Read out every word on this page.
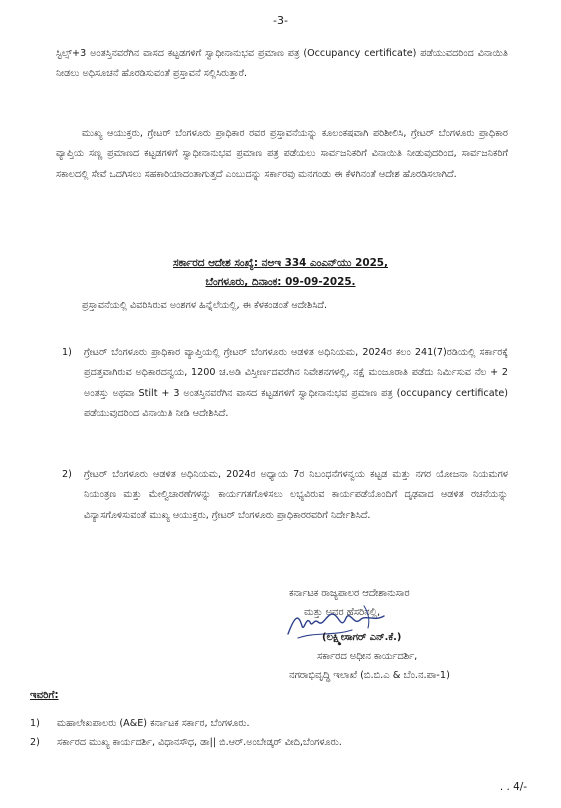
-3-

ಸ್ಟಿಲ್ಸ್+3 ಅಂತಸ್ತಿನವರೆಗಿನ ವಾಸದ ಕಟ್ಟಡಗಳಿಗೆ ಸ್ವಾಧೀನಾನುಭವ ಪ್ರಮಾಣ ಪತ್ರ (Occupancy certificate) ಪಡೆಯುವದರಿಂದ ವಿನಾಯಿತಿ ನೀಡಲು ಅಧಿಸೂಚನೆ ಹೊರಡಿಸುವಂತೆ ಪ್ರಸ್ತಾವನೆ ಸಲ್ಲಿಸಿರುತ್ತಾರೆ.

ಮುಖ್ಯ ಆಯುಕ್ತರು, ಗ್ರೇಟರ್ ಬೆಂಗಳೂರು ಪ್ರಾಧಿಕಾರ ರವರ ಪ್ರಸ್ತಾವನೆಯನ್ನು ಕೂಲಂಕಷವಾಗಿ ಪರಿಶೀಲಿಸಿ, ಗ್ರೇಟರ್ ಬೆಂಗಳೂರು ಪ್ರಾಧಿಕಾರ ವ್ಯಾಪ್ತಿಯ ಸಣ್ಣ ಪ್ರಮಾಣದ ಕಟ್ಟಡಗಳಿಗೆ ಸ್ವಾಧೀನಾನುಭವ ಪ್ರಮಾಣ ಪತ್ರ ಪಡೆಯಲು ಸಾರ್ವಜನಿಕರಿಗೆ ವಿನಾಯಿತಿ ನೀಡುವುದರಿಂದ, ಸಾರ್ವಜನಿಕರಿಗೆ ಸಕಾಲದಲ್ಲಿ ಸೇವೆ ಒದಗಿಸಲು ಸಹಕಾರಿಯಾದಂತಾಗುತ್ತದೆ ಎಂಬುದನ್ನು ಸರ್ಕಾರವು ಮನಗಂಡು ಈ ಕೆಳಗಿನಂತೆ ಆದೇಶ ಹೊರಡಿಸಲಾಗಿದೆ.

ಸರ್ಕಾರದ ಆದೇಶ ಸಂಖ್ಯೆ: ನಅಇ 334 ಎಂಎನ್‌ಯು 2025,
ಬೆಂಗಳೂರು, ದಿನಾಂಕ: 09-09-2025.

ಪ್ರಸ್ತಾವನೆಯಲ್ಲಿ ವಿವರಿಸಿರುವ ಅಂಶಗಳ ಹಿನ್ನೆಲೆಯಲ್ಲಿ, ಈ ಕೆಳಕಂಡಂತೆ ಆದೇಶಿಸಿದೆ.

1) ಗ್ರೇಟರ್ ಬೆಂಗಳೂರು ಪ್ರಾಧಿಕಾರ ವ್ಯಾಪ್ತಿಯಲ್ಲಿ ಗ್ರೇಟರ್ ಬೆಂಗಳೂರು ಆಡಳಿತ ಅಧಿನಿಯಮ, 2024ರ ಕಲಂ 241(7)ರಡಿಯಲ್ಲಿ ಸರ್ಕಾರಕ್ಕೆ ಪ್ರದತ್ತವಾಗಿರುವ ಅಧಿಕಾರದನ್ವಯ, 1200 ಚ.ಅಡಿ ವಿಸ್ತೀರ್ಣದವರೆಗಿನ ನಿವೇಶನಗಳಲ್ಲಿ, ನಕ್ಷೆ ಮಂಜೂರಾತಿ ಪಡೆದು ನಿರ್ಮಿಸುವ ನೆಲ + 2 ಅಂತಸ್ತು ಅಥವಾ Stilt + 3 ಅಂತಸ್ತಿನವರೆಗಿನ ವಾಸದ ಕಟ್ಟಡಗಳಿಗೆ ಸ್ವಾಧೀನಾನುಭವ ಪ್ರಮಾಣ ಪತ್ರ (occupancy certificate) ಪಡೆಯುವುದರಿಂದ ವಿನಾಯಿತಿ ನೀಡಿ ಆದೇಶಿಸಿದೆ.
2) ಗ್ರೇಟರ್ ಬೆಂಗಳೂರು ಆಡಳಿತ ಅಧಿನಿಯಮ, 2024ರ ಅಧ್ಯಾಯ 7ರ ನಿಬಂಧನೆಗಳನ್ವಯ ಕಟ್ಟಡ ಮತ್ತು ನಗರ ಯೋಜನಾ ನಿಯಮಗಳ ನಿಯಂತ್ರಣ ಮತ್ತು ಮೇಲ್ವಿಚಾರಣೆಗಳನ್ನು ಕಾರ್ಯಗತಗೊಳಿಸಲು ಲಭ್ಯವಿರುವ ಕಾರ್ಯಪಡೆಯೊಂದಿಗೆ ದೃಢವಾದ ಆಡಳಿತ ರಚನೆಯನ್ನು ವಿನ್ಯಾಸಗೊಳಿಸುವಂತೆ ಮುಖ್ಯ ಆಯುಕ್ತರು, ಗ್ರೇಟರ್ ಬೆಂಗಳೂರು ಪ್ರಾಧಿಕಾರರವರಿಗೆ ನಿರ್ದೇಶಿಸಿದೆ.
ಕರ್ನಾಟಕ ರಾಜ್ಯಪಾಲರ ಆದೇಶಾನುಸಾರ
ಮತ್ತು ಅವರ ಹೆಸರಿನಲ್ಲಿ,
(ಲಕ್ಷ್ಮೀಸಾಗರ್ ಎನ್.ಕೆ.)
ಸರ್ಕಾರದ ಅಧೀನ ಕಾರ್ಯದರ್ಶಿ,
ನಗರಾಭಿವೃದ್ಧಿ ಇಲಾಖೆ (ಬಿ.ಬಿ.ಎ & ಬೆಂ.ನ.ಪಾ-1)
ಇವರಿಗೆ:
1) ಮಹಾಲೇಖಪಾಲರು (A&E) ಕರ್ನಾಟಕ ಸರ್ಕಾರ, ಬೆಂಗಳೂರು.
2) ಸರ್ಕಾರದ ಮುಖ್ಯ ಕಾರ್ಯದರ್ಶಿ, ವಿಧಾನಸೌಧ, ಡಾ|| ಬಿ.ಆರ್.ಅಂಬೇಡ್ಕರ್ ವೀದಿ,ಬೆಂಗಳೂರು.
. . 4/-
